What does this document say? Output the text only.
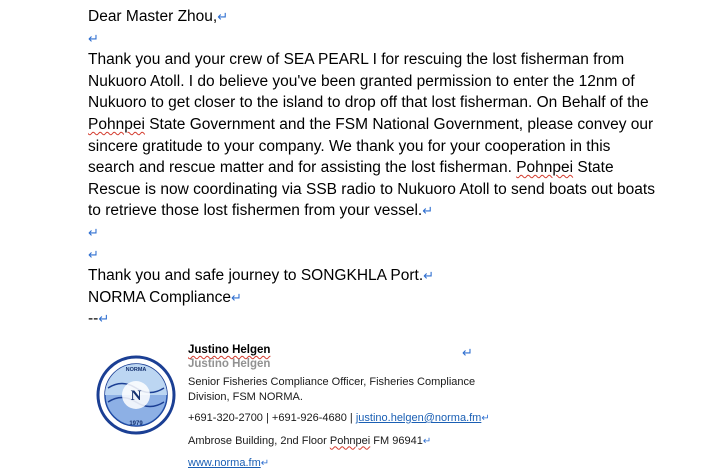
Dear Master Zhou,↵

↵

Thank you and your crew of SEA PEARL I for rescuing the lost fisherman from Nukuoro Atoll. I do believe you've been granted permission to enter the 12nm of Nukuoro to get closer to the island to drop off that lost fisherman. On Behalf of the Pohnpei State Government and the FSM National Government, please convey our sincere gratitude to your company. We thank you for your cooperation in this search and rescue matter and for assisting the lost fisherman. Pohnpei State Rescue is now coordinating via SSB radio to Nukuoro Atoll to send boats out boats to retrieve those lost fishermen from your vessel.↵

↵

↵

Thank you and safe journey to SONGKHLA Port.↵

NORMA Compliance↵

--↵

N
1979
NORMA

Justino Helgen

Justino Helgen

Senior Fisheries Compliance Officer, Fisheries Compliance

Division, FSM NORMA.

+691-320-2700 | +691-926-4680 | justino.helgen@norma.fm↵

Ambrose Building, 2nd Floor Pohnpei FM 96941↵

www.norma.fm↵

↵
